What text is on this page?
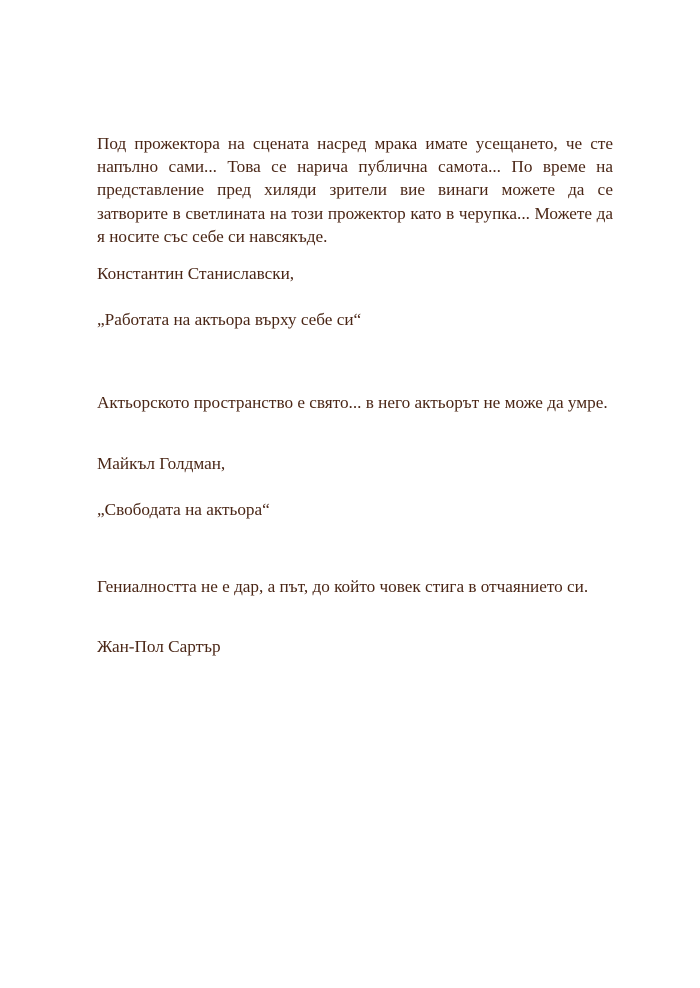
Под прожектора на сцената насред мрака имате усещането, че сте напълно сами... Това се нарича публична самота... По време на представление пред хиляди зрители вие винаги можете да се затворите в светлината на този прожектор като в черупка... Можете да я носите със себе си навсякъде.

Константин Станиславски,

„Работата на актьора върху себе си“

Актьорското пространство е свято... в него актьорът не може да умре.

Майкъл Голдман,

„Свободата на актьора“

Гениалността не е дар, а път, до който човек стига в отчаянието си.

Жан-Пол Сартър
